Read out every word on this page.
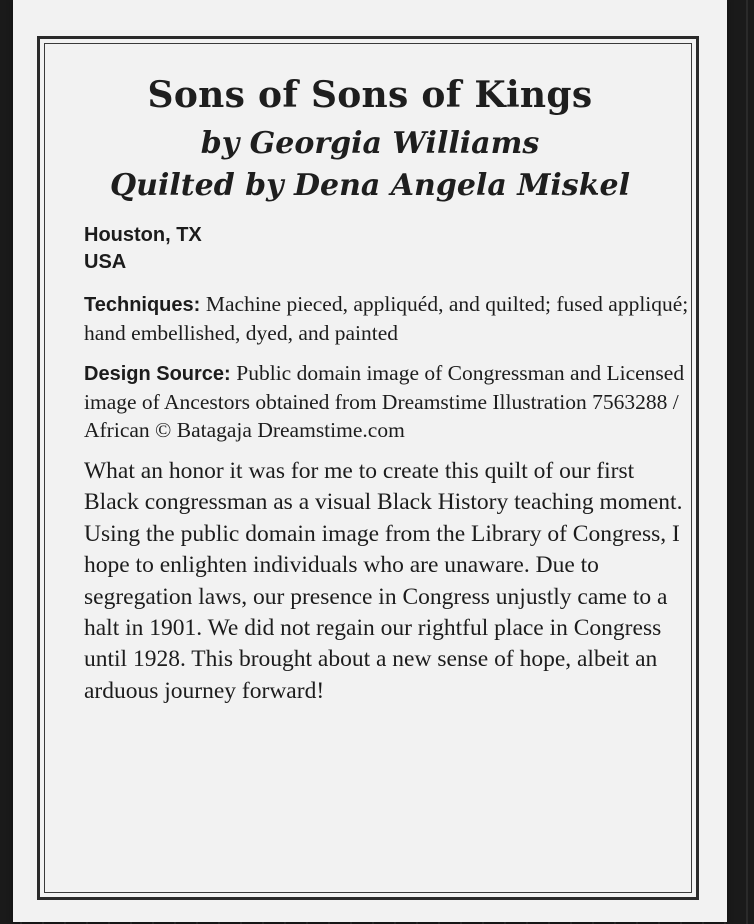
Sons of Sons of Kings
by Georgia Williams
Quilted by Dena Angela Miskel
Houston, TX
USA
Techniques: Machine pieced, appliquéd, and quilted; fused appliqué; hand embellished, dyed, and painted
Design Source: Public domain image of Congressman and Licensed image of Ancestors obtained from Dreamstime Illustration 7563288 / African © Batagaja Dreamstime.com
What an honor it was for me to create this quilt of our first Black congressman as a visual Black History teaching moment. Using the public domain image from the Library of Congress, I hope to enlighten individuals who are unaware. Due to segregation laws, our presence in Congress unjustly came to a halt in 1901. We did not regain our rightful place in Congress until 1928. This brought about a new sense of hope, albeit an arduous journey forward!
